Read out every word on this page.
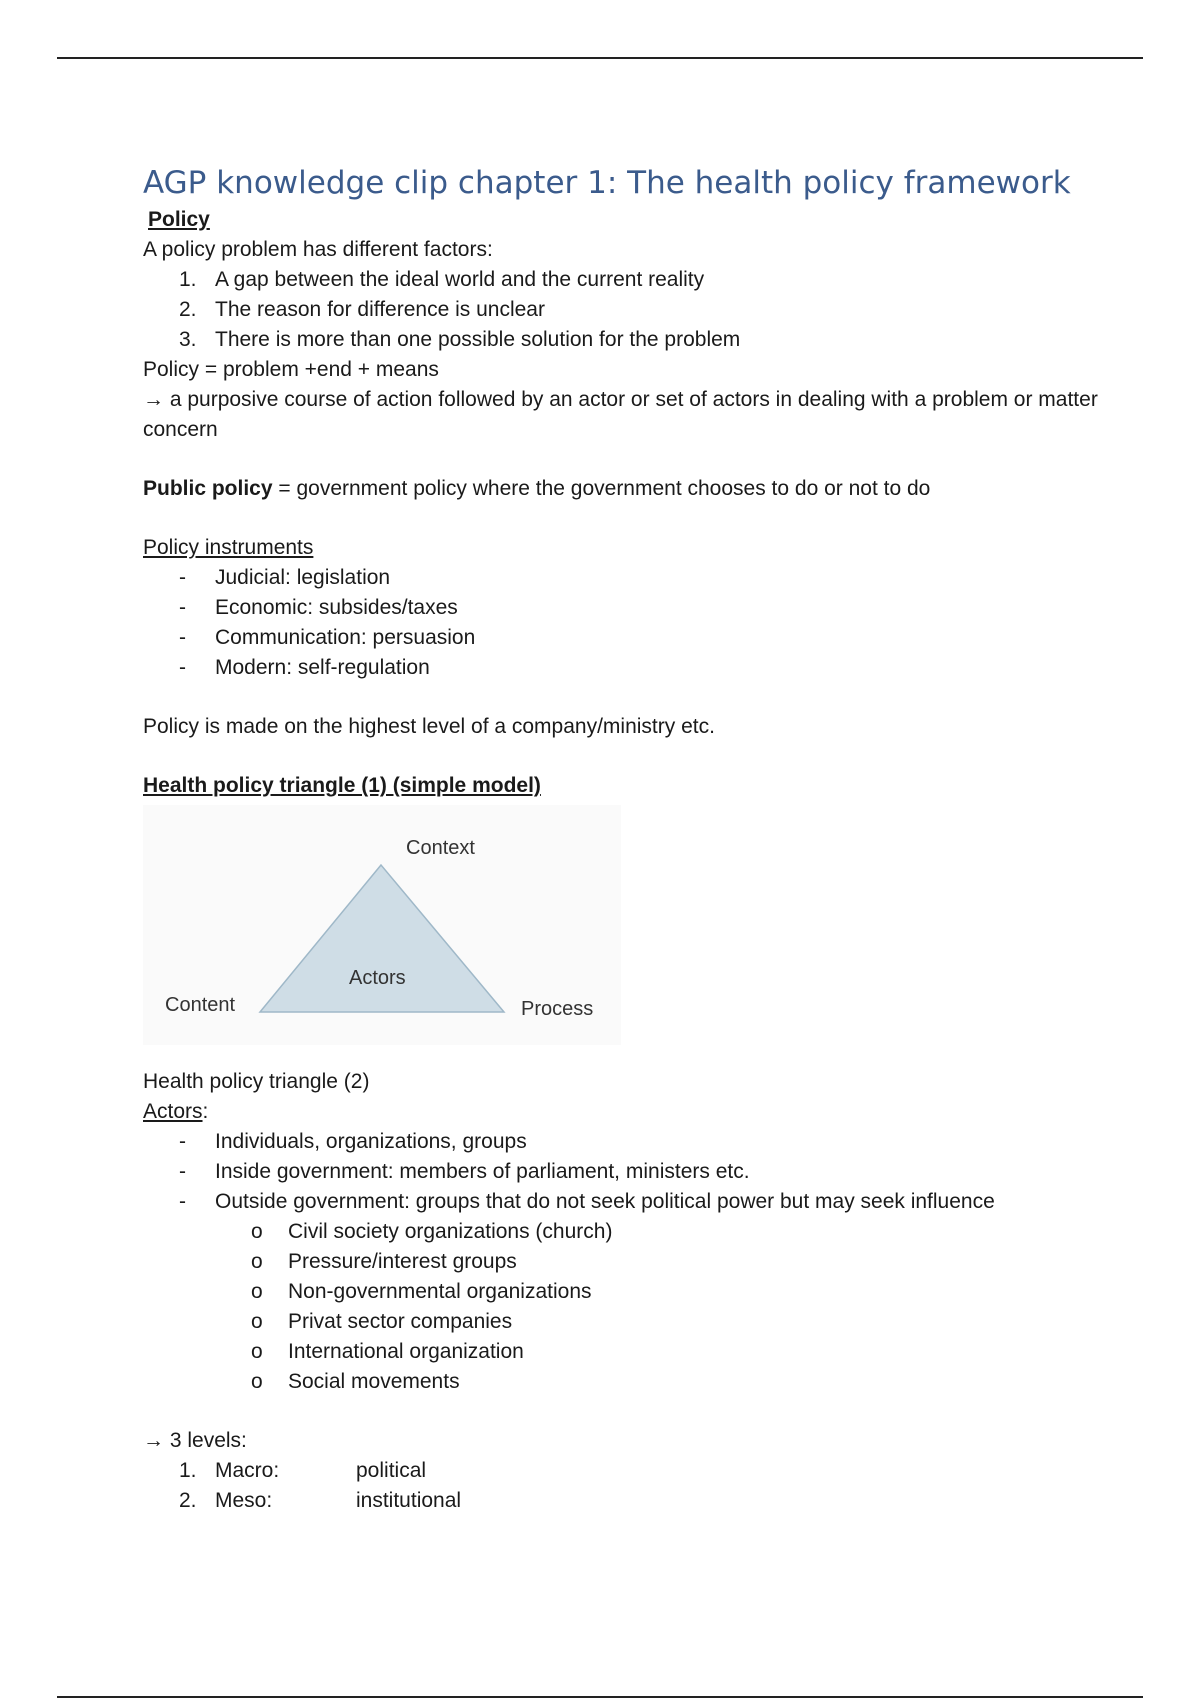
AGP knowledge clip chapter 1: The health policy framework

Policy

A policy problem has different factors:

1. A gap between the ideal world and the current reality
2. The reason for difference is unclear
3. There is more than one possible solution for the problem

Policy = problem +end + means

→ a purposive course of action followed by an actor or set of actors in dealing with a problem or matter concern

Public policy = government policy where the government chooses to do or not to do

Policy instruments

-	Judicial: legislation
-	Economic: subsides/taxes
-	Communication: persuasion
-	Modern: self-regulation

Policy is made on the highest level of a company/ministry etc.

Health policy triangle (1) (simple model)

Context
Actors
Content	Process

Health policy triangle (2)

Actors:

-	Individuals, organizations, groups
-	Inside government: members of parliament, ministers etc.
-	Outside government: groups that do not seek political power but may seek influence
o	Civil society organizations (church)
o	Pressure/interest groups
o	Non-governmental organizations
o	Privat sector companies
o	International organization
o	Social movements

→ 3 levels:

1. Macro:	political
2. Meso:	institutional
